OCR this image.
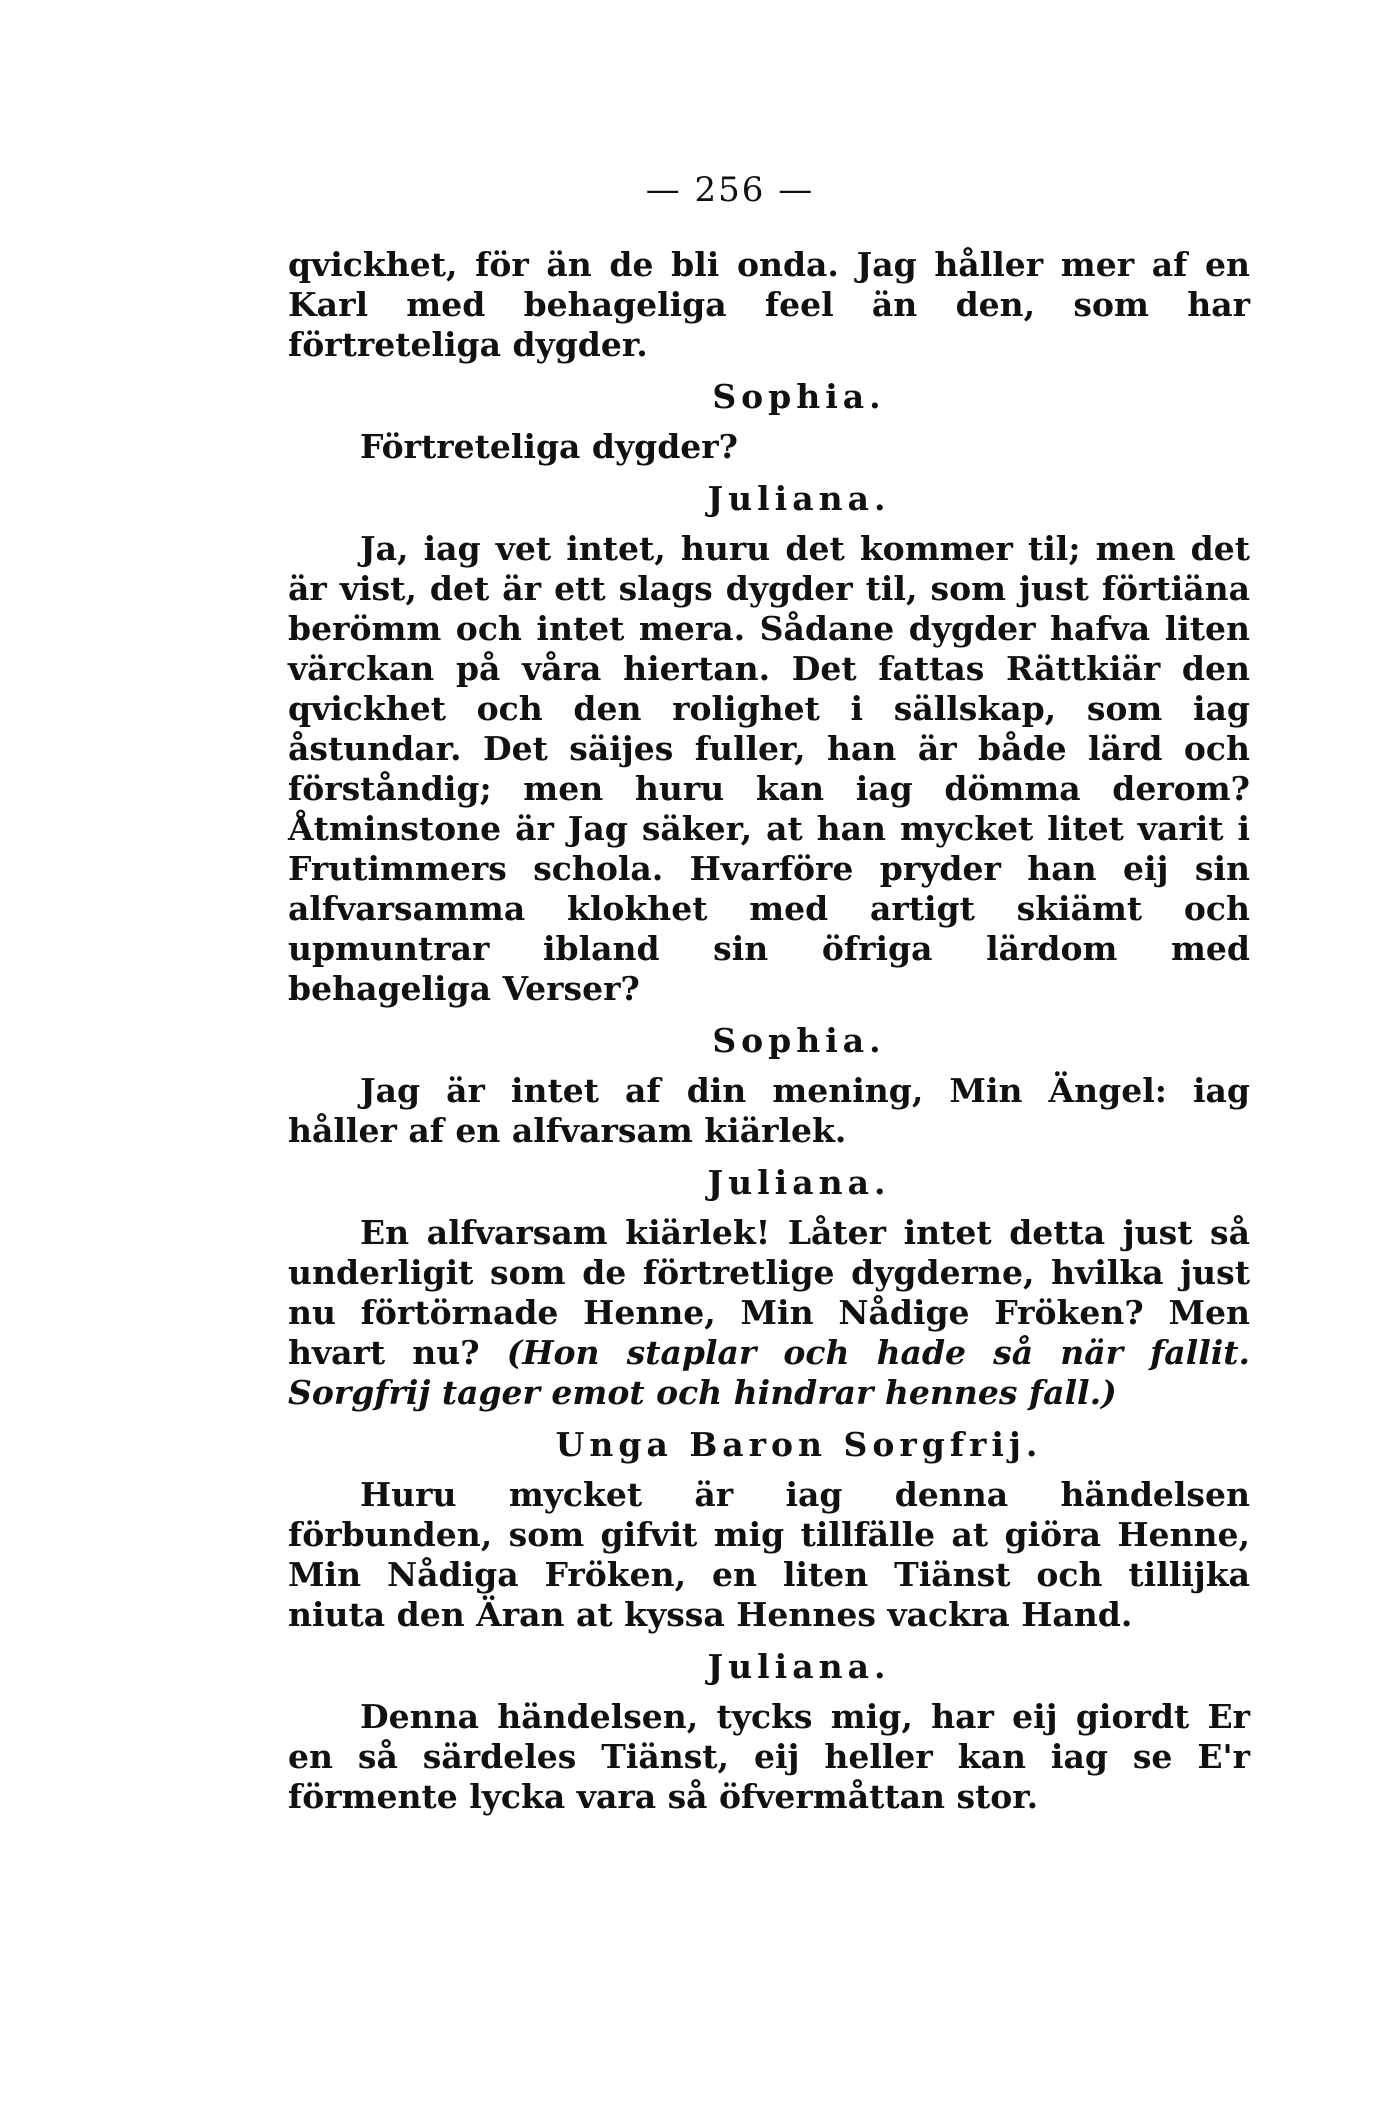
— 256 —

qvickhet, för än de bli onda. Jag håller mer af en Karl med behageliga feel än den, som har förtreteliga dygder.

Sophia.

Förtreteliga dygder?

Juliana.

Ja, iag vet intet, huru det kommer til; men det är vist, det är ett slags dygder til, som just förtiäna berömm och intet mera. Sådane dygder hafva liten värckan på våra hiertan. Det fattas Rättkiär den qvickhet och den rolighet i sällskap, som iag åstundar. Det säijes fuller, han är både lärd och förståndig; men huru kan iag dömma derom? Åtminstone är Jag säker, at han mycket litet varit i Frutimmers schola. Hvarföre pryder han eij sin alfvarsamma klokhet med artigt skiämt och upmuntrar ibland sin öfriga lärdom med behageliga Verser?

Sophia.

Jag är intet af din mening, Min Ängel: iag håller af en alfvarsam kiärlek.

Juliana.

En alfvarsam kiärlek! Låter intet detta just så underligit som de förtretlige dygderne, hvilka just nu förtörnade Henne, Min Nådige Fröken? Men hvart nu? (Hon staplar och hade så när fallit. Sorgfrij tager emot och hindrar hennes fall.)

Unga Baron Sorgfrij.

Huru mycket är iag denna händelsen förbunden, som gifvit mig tillfälle at giöra Henne, Min Nådiga Fröken, en liten Tiänst och tillijka niuta den Äran at kyssa Hennes vackra Hand.

Juliana.

Denna händelsen, tycks mig, har eij giordt Er en så särdeles Tiänst, eij heller kan iag se E'r förmente lycka vara så öfvermåttan stor.
